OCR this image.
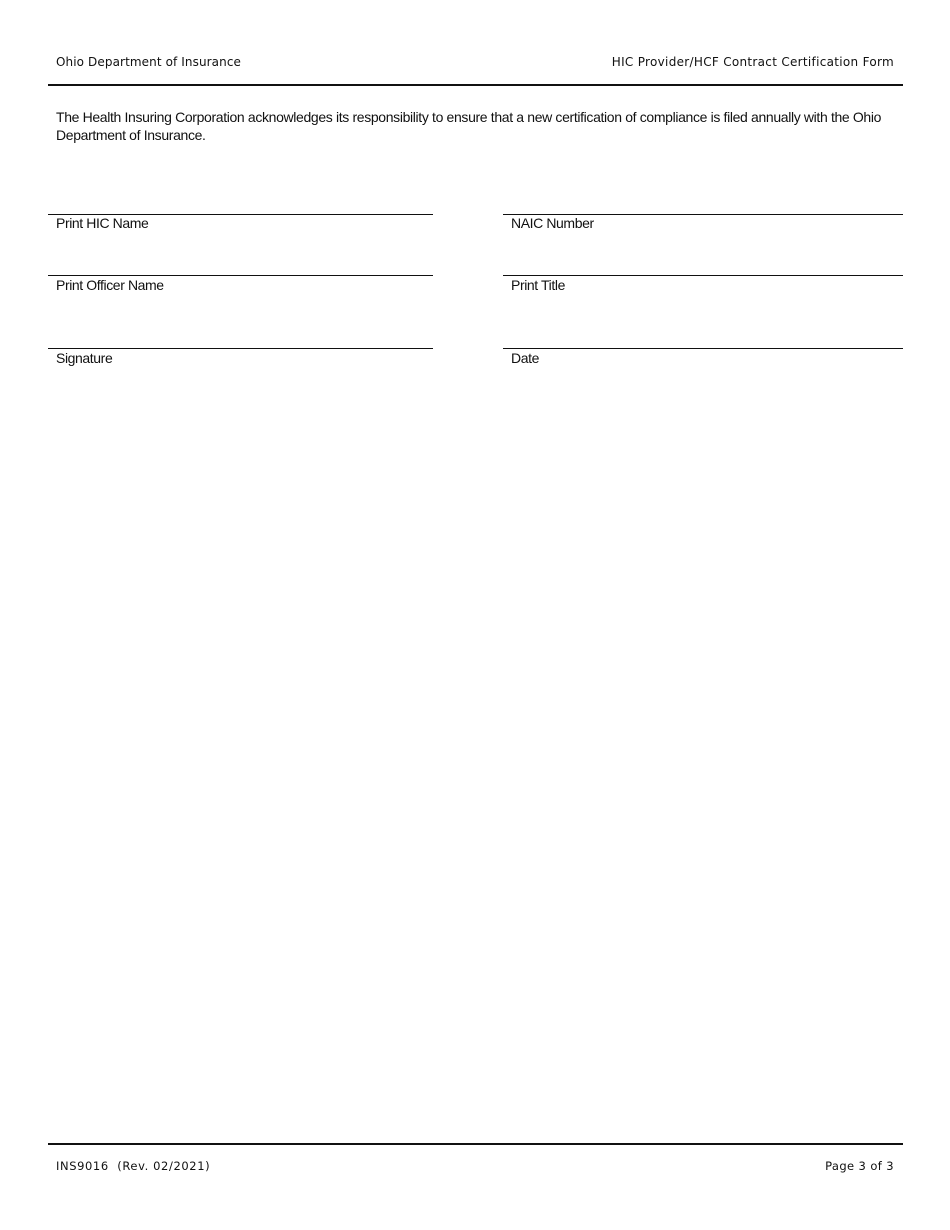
Ohio Department of Insurance	HIC Provider/HCF Contract Certification Form
The Health Insuring Corporation acknowledges its responsibility to ensure that a new certification of compliance is filed annually with the Ohio Department of Insurance.
Print HIC Name	NAIC Number
Print Officer Name	Print Title
Signature	Date
INS9016  (Rev. 02/2021)	Page 3 of 3
